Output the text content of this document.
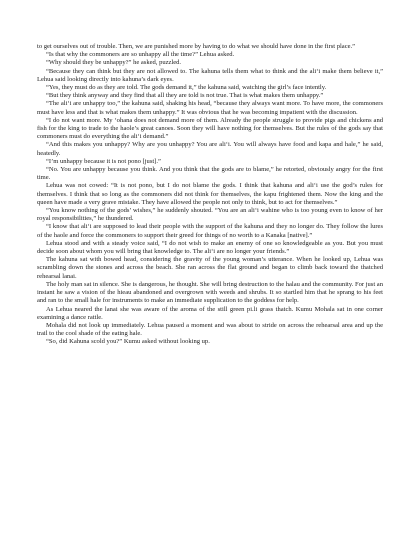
to get ourselves out of trouble. Then, we are punished more by having to do what we should have done in the first place.”

“Is that why the commoners are so unhappy all the time?” Lehua asked.

“Why should they be unhappy?” he asked, puzzled.

“Because they can think but they are not allowed to. The kahuna tells them what to think and the ali‘i make them believe it,” Lehua said looking directly into kahuna’s dark eyes.

“Yes, they must do as they are told. The gods demand it,” the kahuna said, watching the girl’s face intently.

“But they think anyway and they find that all they are told is not true. That is what makes them unhappy.”

“The ali‘i are unhappy too,” the kahuna said, shaking his head, “because they always want more. To have more, the commoners must have less and that is what makes them unhappy.” It was obvious that he was becoming impatient with the discussion.

“I do not want more. My ‘ohana does not demand more of them. Already the people struggle to provide pigs and chickens and fish for the king to trade to the haole’s great canoes. Soon they will have nothing for themselves. But the rules of the gods say that commoners must do everything the ali‘i demand.”

“And this makes you unhappy? Why are you unhappy? You are ali‘i. You will always have food and kapa and hale,” he said, heatedly.

“I’m unhappy because it is not pono [just].”

“No. You are unhappy because you think. And you think that the gods are to blame,” he retorted, obviously angry for the first time.

Lehua was not cowed: “It is not pono, but I do not blame the gods. I think that kahuna and ali‘i use the god’s rules for themselves. I think that so long as the commoners did not think for themselves, the kapu frightened them. Now the king and the queen have made a very grave mistake. They have allowed the people not only to think, but to act for themselves.”

“You know nothing of the gods’ wishes,” he suddenly shouted. “You are an ali‘i wahine who is too young even to know of her royal responsibilities,” he thundered.

“I know that ali‘i are supposed to lead their people with the support of the kahuna and they no longer do. They follow the lures of the haole and force the commoners to support their greed for things of no worth to a Kanaka [native].”

Lehua stood and with a steady voice said, “I do not wish to make an enemy of one so knowledgeable as you. But you must decide soon about whom you will bring that knowledge to. The ali‘i are no longer your friends.”

The kahuna sat with bowed head, considering the gravity of the young woman’s utterance. When he looked up, Lehua was scrambling down the stones and across the beach. She ran across the flat ground and began to climb back toward the thatched rehearsal lanai.

The holy man sat in silence. She is dangerous, he thought. She will bring destruction to the halau and the community. For just an instant he saw a vision of the hieau abandoned and overgrown with weeds and shrubs. It so startled him that he sprang to his feet and ran to the small hale for instruments to make an immediate supplication to the goddess for help.

As Lehua neared the lanai she was aware of the aroma of the still green pi.li grass thatch. Kumu Mohala sat in one corner examining a dance rattle.

Mohala did not look up immediately. Lehua paused a moment and was about to stride on across the rehearsal area and up the trail to the cool shade of the eating hale.

“So, did Kahuna scold you?” Kumu asked without looking up.
